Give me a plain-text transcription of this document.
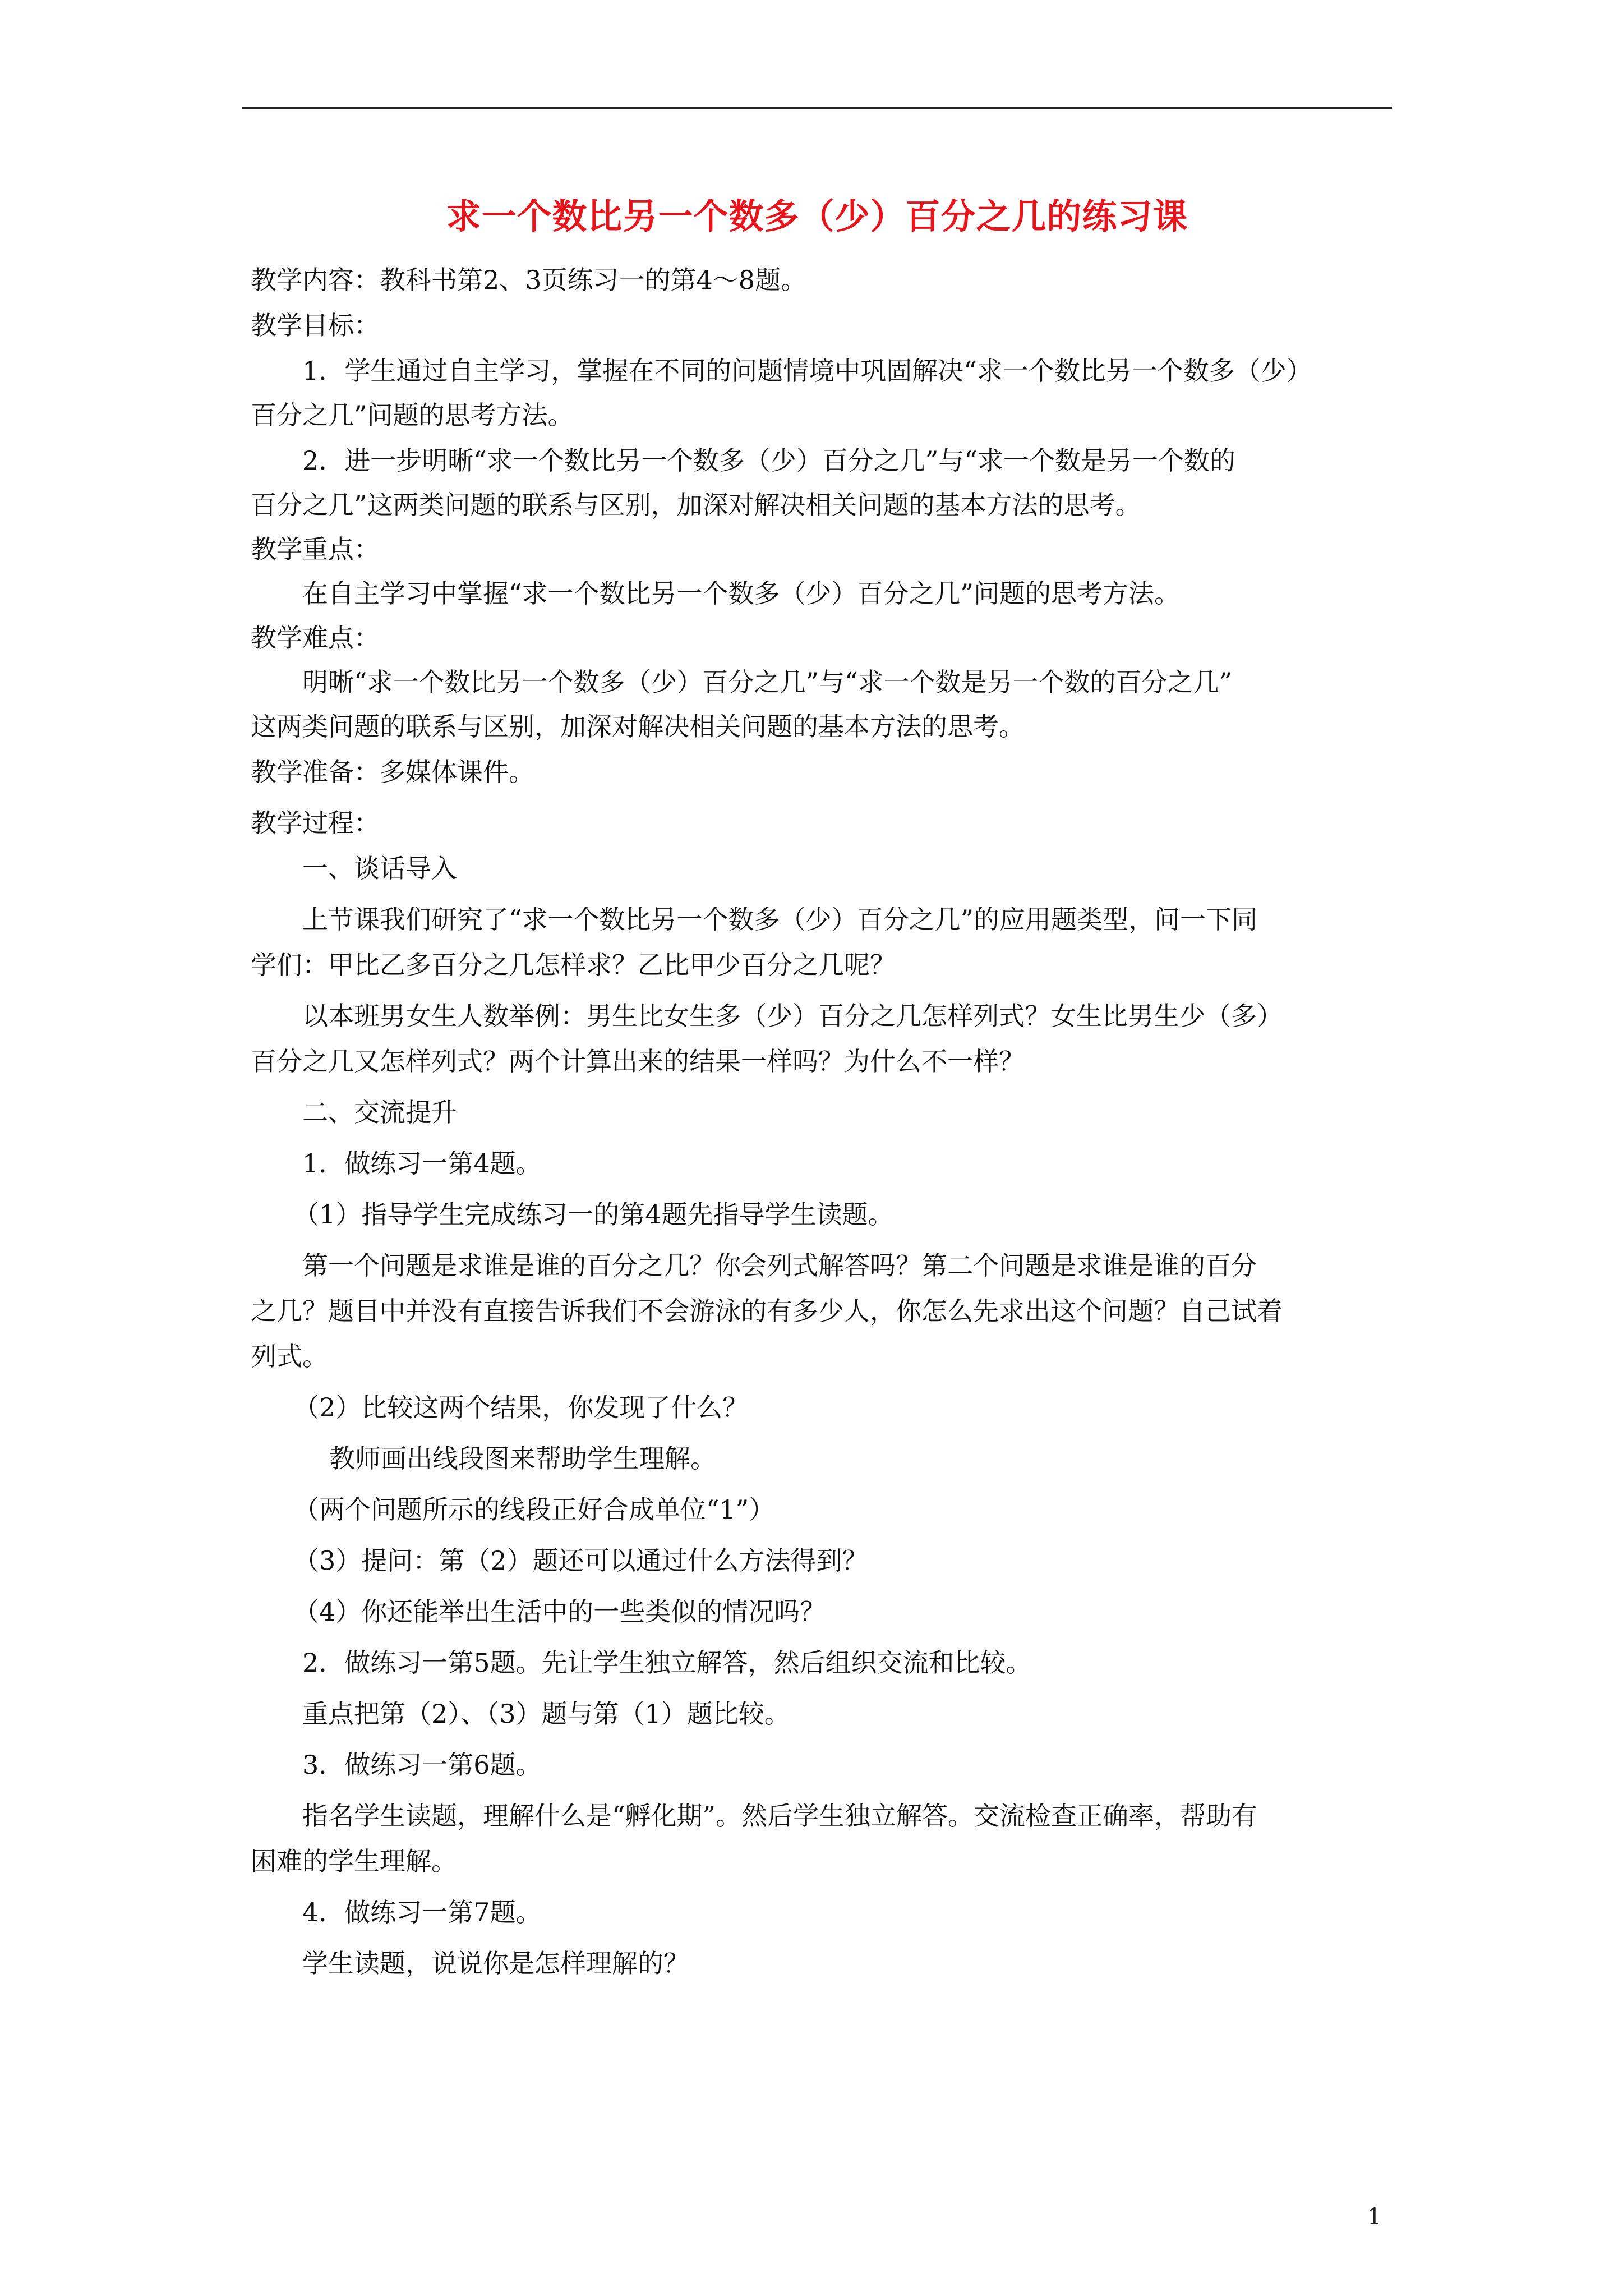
求一个数比另一个数多（少）百分之几的练习课

教学内容：教科书第2、3页练习一的第4～8题。

教学目标：

1．学生通过自主学习，掌握在不同的问题情境中巩固解决“求一个数比另一个数多（少）

百分之几”问题的思考方法。

2．进一步明晰“求一个数比另一个数多（少）百分之几”与“求一个数是另一个数的

百分之几”这两类问题的联系与区别，加深对解决相关问题的基本方法的思考。

教学重点：

在自主学习中掌握“求一个数比另一个数多（少）百分之几”问题的思考方法。

教学难点：

明晰“求一个数比另一个数多（少）百分之几”与“求一个数是另一个数的百分之几”

这两类问题的联系与区别，加深对解决相关问题的基本方法的思考。

教学准备：多媒体课件。

教学过程：

一、谈话导入

上节课我们研究了“求一个数比另一个数多（少）百分之几”的应用题类型，问一下同

学们：甲比乙多百分之几怎样求？乙比甲少百分之几呢？

以本班男女生人数举例：男生比女生多（少）百分之几怎样列式？女生比男生少（多）

百分之几又怎样列式？两个计算出来的结果一样吗？为什么不一样？

二、交流提升

1．做练习一第4题。

（1）指导学生完成练习一的第4题先指导学生读题。

第一个问题是求谁是谁的百分之几？你会列式解答吗？第二个问题是求谁是谁的百分

之几？题目中并没有直接告诉我们不会游泳的有多少人，你怎么先求出这个问题？自己试着

列式。

（2）比较这两个结果，你发现了什么？

教师画出线段图来帮助学生理解。

（两个问题所示的线段正好合成单位“1”）

（3）提问：第（2）题还可以通过什么方法得到？

（4）你还能举出生活中的一些类似的情况吗？

2．做练习一第5题。先让学生独立解答，然后组织交流和比较。

重点把第（2）、（3）题与第（1）题比较。

3．做练习一第6题。

指名学生读题，理解什么是“孵化期”。然后学生独立解答。交流检查正确率，帮助有

困难的学生理解。

4．做练习一第7题。

学生读题，说说你是怎样理解的？

1
